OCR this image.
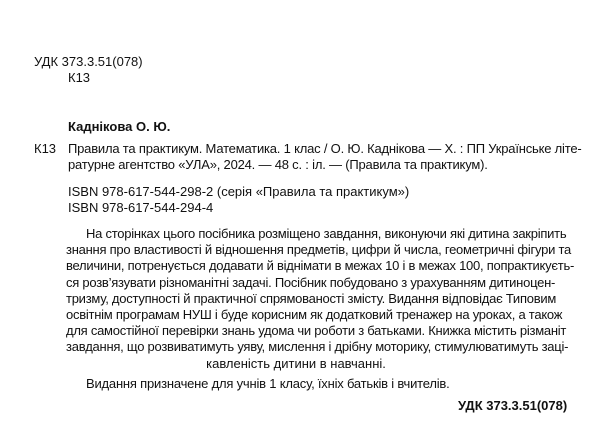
УДК 373.3.51(078)
К13
Каднікова О. Ю.
К13 Правила та практикум. Математика. 1 клас / О. Ю. Каднікова — Х. : ПП Українське літе-
ратурне агентство «УЛА», 2024. — 48 с. : іл. — (Правила та практикум).
ISBN 978-617-544-298-2 (серія «Правила та практикум»)
ISBN 978-617-544-294-4
На сторінках цього посібника розміщено завдання, виконуючи які дитина закріпить
знання про властивості й відношення предметів, цифри й числа, геометричні фігури та
величини, потренується додавати й віднімати в межах 10 і в межах 100, попрактикуєть-
ся розв’язувати різноманітні задачі. Посібник побудовано з урахуванням дитиноцен-
тризму, доступності й практичної спрямованості змісту. Видання відповідає Типовим
освітнім програмам НУШ і буде корисним як додатковий тренажер на уроках, а також
для самостійної перевірки знань удома чи роботи з батьками. Книжка містить різманіт
завдання, що розвиватимуть уяву, мислення і дрібну моторику, стимулюватимуть заці-
кавленість дитини в навчанні.
Видання призначене для учнів 1 класу, їхніх батьків і вчителів.
УДК 373.3.51(078)
